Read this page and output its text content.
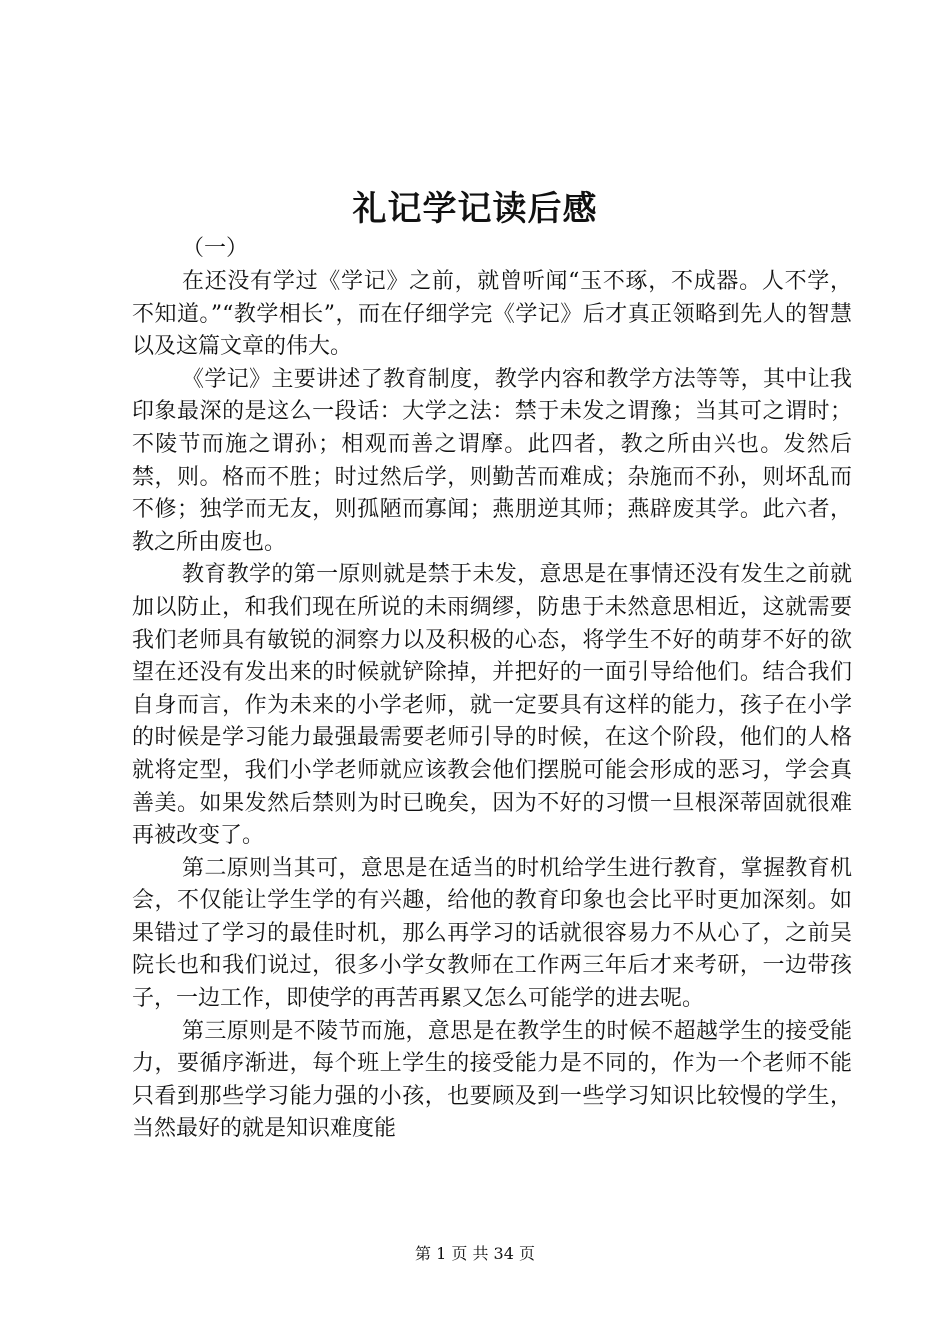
礼记学记读后感

（一）

在还没有学过《学记》之前，就曾听闻“玉不琢，不成器。人不学，不知道。”“教学相长”，而在仔细学完《学记》后才真正领略到先人的智慧以及这篇文章的伟大。

《学记》主要讲述了教育制度，教学内容和教学方法等等，其中让我印象最深的是这么一段话：大学之法：禁于未发之谓豫；当其可之谓时；不陵节而施之谓孙；相观而善之谓摩。此四者，教之所由兴也。发然后禁，则。格而不胜；时过然后学，则勤苦而难成；杂施而不孙，则坏乱而不修；独学而无友，则孤陋而寡闻；燕朋逆其师；燕辟废其学。此六者，教之所由废也。

教育教学的第一原则就是禁于未发，意思是在事情还没有发生之前就加以防止，和我们现在所说的未雨绸缪，防患于未然意思相近，这就需要我们老师具有敏锐的洞察力以及积极的心态，将学生不好的萌芽不好的欲望在还没有发出来的时候就铲除掉，并把好的一面引导给他们。结合我们自身而言，作为未来的小学老师，就一定要具有这样的能力，孩子在小学的时候是学习能力最强最需要老师引导的时候，在这个阶段，他们的人格就将定型，我们小学老师就应该教会他们摆脱可能会形成的恶习，学会真善美。如果发然后禁则为时已晚矣，因为不好的习惯一旦根深蒂固就很难再被改变了。

第二原则当其可，意思是在适当的时机给学生进行教育，掌握教育机会，不仅能让学生学的有兴趣，给他的教育印象也会比平时更加深刻。如果错过了学习的最佳时机，那么再学习的话就很容易力不从心了，之前吴院长也和我们说过，很多小学女教师在工作两三年后才来考研，一边带孩子，一边工作，即使学的再苦再累又怎么可能学的进去呢。

第三原则是不陵节而施，意思是在教学生的时候不超越学生的接受能力，要循序渐进，每个班上学生的接受能力是不同的，作为一个老师不能只看到那些学习能力强的小孩，也要顾及到一些学习知识比较慢的学生，当然最好的就是知识难度能

第 1 页 共 34 页
